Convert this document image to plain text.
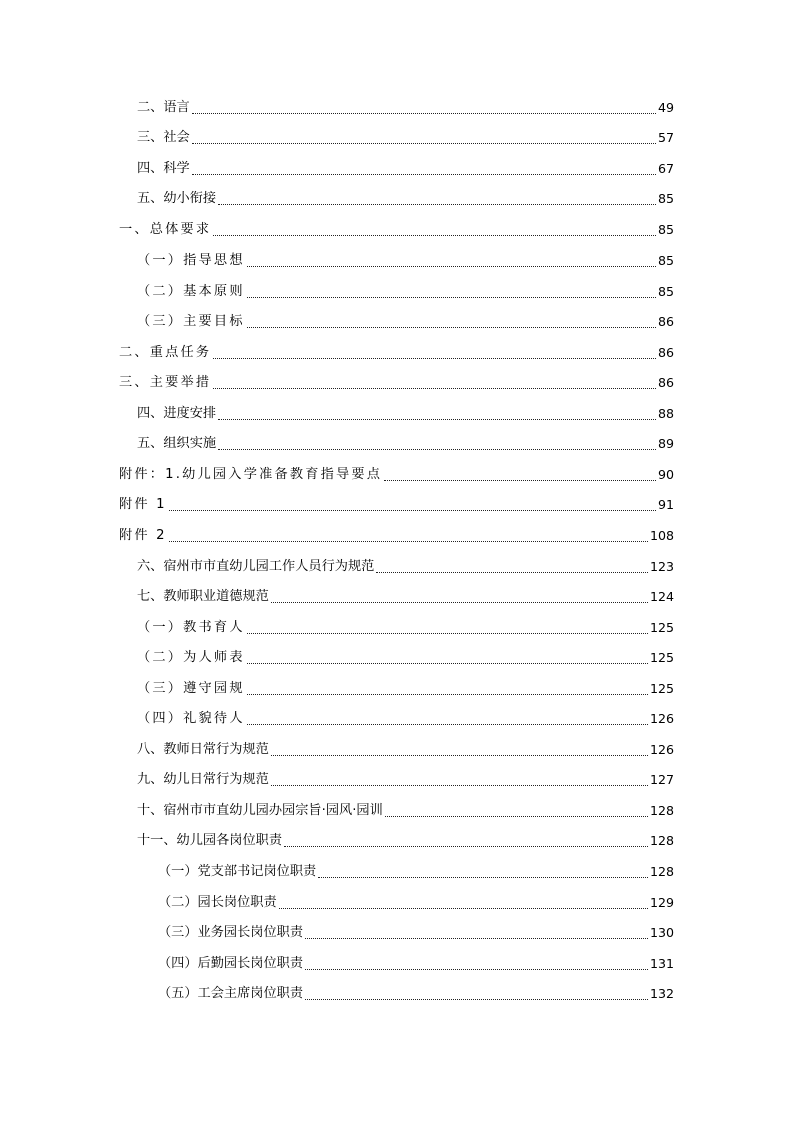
二、语言	49
三、社会	57
四、科学	67
五、幼小衔接	85
一、总体要求	85
（一）指导思想	85
（二）基本原则	85
（三）主要目标	86
二、重点任务	86
三、主要举措	86
四、进度安排	88
五、组织实施	89
附件：1.幼儿园入学准备教育指导要点	90
附件 1	91
附件 2	108
六、宿州市市直幼儿园工作人员行为规范	123
七、教师职业道德规范	124
（一）教书育人	125
（二）为人师表	125
（三）遵守园规	125
（四）礼貌待人	126
八、教师日常行为规范	126
九、幼儿日常行为规范	127
十、宿州市市直幼儿园办园宗旨·园风·园训	128
十一、幼儿园各岗位职责	128
（一）党支部书记岗位职责	128
（二）园长岗位职责	129
（三）业务园长岗位职责	130
（四）后勤园长岗位职责	131
（五）工会主席岗位职责	132
